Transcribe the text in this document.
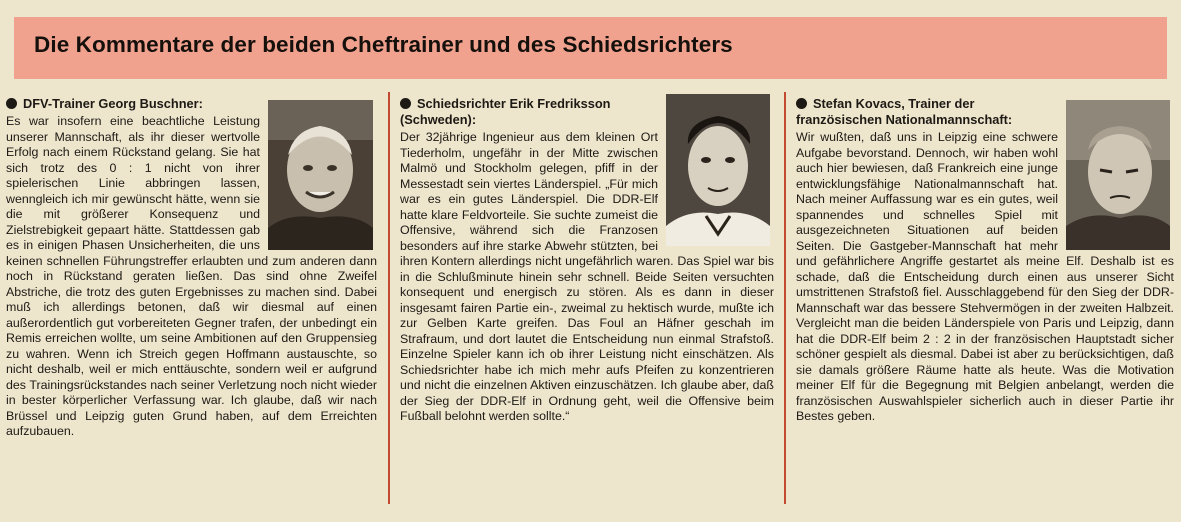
Die Kommentare der beiden Cheftrainer und des Schiedsrichters
DFV-Trainer Georg Buschner:

Es war insofern eine beachtliche Leistung unserer Mannschaft, als ihr dieser wertvolle Erfolg nach einem Rückstand gelang. Sie hat sich trotz des 0 : 1 nicht von ihrer spielerischen Linie abbringen lassen, wenngleich ich mir gewünscht hätte, wenn sie die mit größerer Konsequenz und Zielstrebigkeit gepaart hätte. Stattdessen gab es in einigen Phasen Unsicherheiten, die uns keinen schnellen Führungstreffer erlaubten und zum anderen dann noch in Rückstand geraten ließen. Das sind ohne Zweifel Abstriche, die trotz des guten Ergebnisses zu machen sind. Dabei muß ich allerdings betonen, daß wir diesmal auf einen außerordentlich gut vorbereiteten Gegner trafen, der unbedingt ein Remis erreichen wollte, um seine Ambitionen auf den Gruppensieg zu wahren. Wenn ich Streich gegen Hoffmann austauschte, so nicht deshalb, weil er mich enttäuschte, sondern weil er aufgrund des Trainingsrückstandes nach seiner Verletzung noch nicht wieder in bester körperlicher Verfassung war. Ich glaube, daß wir nach Brüssel und Leipzig guten Grund haben, auf dem Erreichten aufzubauen.

Schiedsrichter Erik Fredriksson (Schweden):

Der 32jährige Ingenieur aus dem kleinen Ort Tiederholm, ungefähr in der Mitte zwischen Malmö und Stockholm gelegen, pfiff in der Messestadt sein viertes Länderspiel. „Für mich war es ein gutes Länderspiel. Die DDR-Elf hatte klare Feldvorteile. Sie suchte zumeist die Offensive, während sich die Franzosen besonders auf ihre starke Abwehr stützten, bei ihren Kontern allerdings nicht ungefährlich waren. Das Spiel war bis in die Schlußminute hinein sehr schnell. Beide Seiten versuchten konsequent und energisch zu stören. Als es dann in dieser insgesamt fairen Partie ein-, zweimal zu hektisch wurde, mußte ich zur Gelben Karte greifen. Das Foul an Häfner geschah im Strafraum, und dort lautet die Entscheidung nun einmal Strafstoß. Einzelne Spieler kann ich ob ihrer Leistung nicht einschätzen. Als Schiedsrichter habe ich mich mehr aufs Pfeifen zu konzentrieren und nicht die einzelnen Aktiven einzuschätzen. Ich glaube aber, daß der Sieg der DDR-Elf in Ordnung geht, weil die Offensive beim Fußball belohnt werden sollte.“

Stefan Kovacs, Trainer der französischen Nationalmannschaft:

Wir wußten, daß uns in Leipzig eine schwere Aufgabe bevorstand. Dennoch, wir haben wohl auch hier bewiesen, daß Frankreich eine junge entwicklungsfähige Nationalmannschaft hat. Nach meiner Auffassung war es ein gutes, weil spannendes und schnelles Spiel mit ausgezeichneten Situationen auf beiden Seiten. Die Gastgeber-Mannschaft hat mehr und gefährlichere Angriffe gestartet als meine Elf. Deshalb ist es schade, daß die Entscheidung durch einen aus unserer Sicht umstrittenen Strafstoß fiel. Ausschlaggebend für den Sieg der DDR-Mannschaft war das bessere Stehvermögen in der zweiten Halbzeit. Vergleicht man die beiden Länderspiele von Paris und Leipzig, dann hat die DDR-Elf beim 2 : 2 in der französischen Hauptstadt sicher schöner gespielt als diesmal. Dabei ist aber zu berücksichtigen, daß sie damals größere Räume hatte als heute. Was die Motivation meiner Elf für die Begegnung mit Belgien anbelangt, werden die französischen Auswahlspieler sicherlich auch in dieser Partie ihr Bestes geben.
